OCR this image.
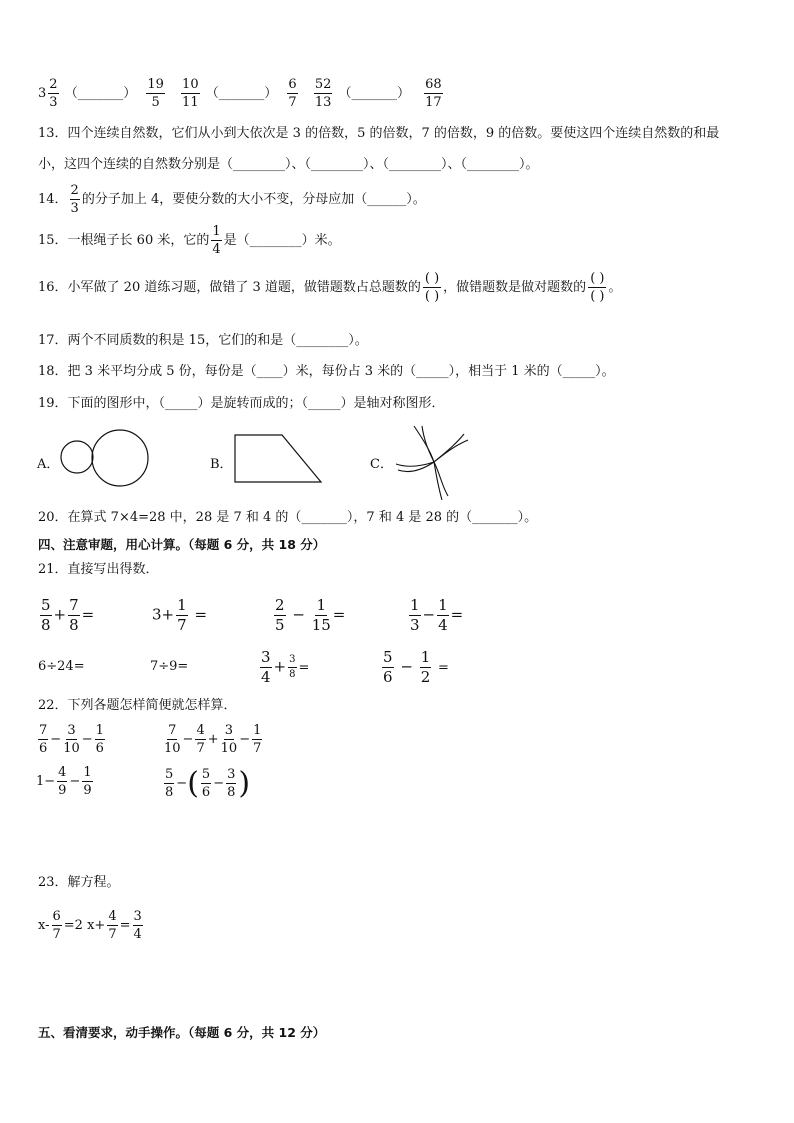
$3 \frac{2}{3}$ （_______） $\frac{19}{5}$
$\frac{10}{11}$ （_______） $\frac{6}{7}$
$\frac{52}{13}$ （_______） $\frac{68}{17}$
13．四个连续自然数，它们从小到大依次是 3 的倍数，5 的倍数，7 的倍数，9 的倍数。要使这四个连续自然数的和最
小，这四个连续的自然数分别是（________）、（________）、（________）、（________）。
14． $\frac{2}{3}$ 的分子加上 4，要使分数的大小不变，分母应加（______）。
15．一根绳子长 60 米，它的 $\frac{1}{4}$ 是（________）米。
16．小军做了 20 道练习题，做错了 3 道题，做错题数占总题数的
( )
( )
，做错题数是做对题数的
( )
( )
。
17．两个不同质数的积是 15，它们的和是（________）。
18．把 3 米平均分成 5 份，每份是（____）米，每份占 3 米的（_____），相当于 1 米的（_____）。
19．下面的图形中，（_____）是旋转而成的；（_____）是轴对称图形．
A．	B．	C．
20．在算式 7×4=28 中，28 是 7 和 4 的（_______），7 和 4 是 28 的（_______）。
四、注意审题，用心计算。（每题 6 分，共 18 分）
21．直接写出得数．
$\frac{5}{8} + \frac{7}{8}$ =	$3+ \frac{1}{7}$ =	$\frac{2}{5} - \frac{1}{15}$ =	$\frac{1}{3} - \frac{1}{4}$ =
6÷24=	7÷9=	$\frac{3}{4} + \frac{3}{8}$ =	$\frac{5}{6} - \frac{1}{2}$ =
22．下列各题怎样简便就怎样算．
$\frac{7}{6} - \frac{3}{10} - \frac{1}{6}$	$\frac{7}{10} - \frac{4}{7} + \frac{3}{10} - \frac{1}{7}$
$1- \frac{4}{9} - \frac{1}{9}$	$\frac{5}{8}$ −( $\frac{5}{6} - \frac{3}{8}$ )
23．解方程。
$x- \frac{6}{7} =2$ $x+ \frac{4}{7} = \frac{3}{4}$
五、看清要求，动手操作。（每题 6 分，共 12 分）
